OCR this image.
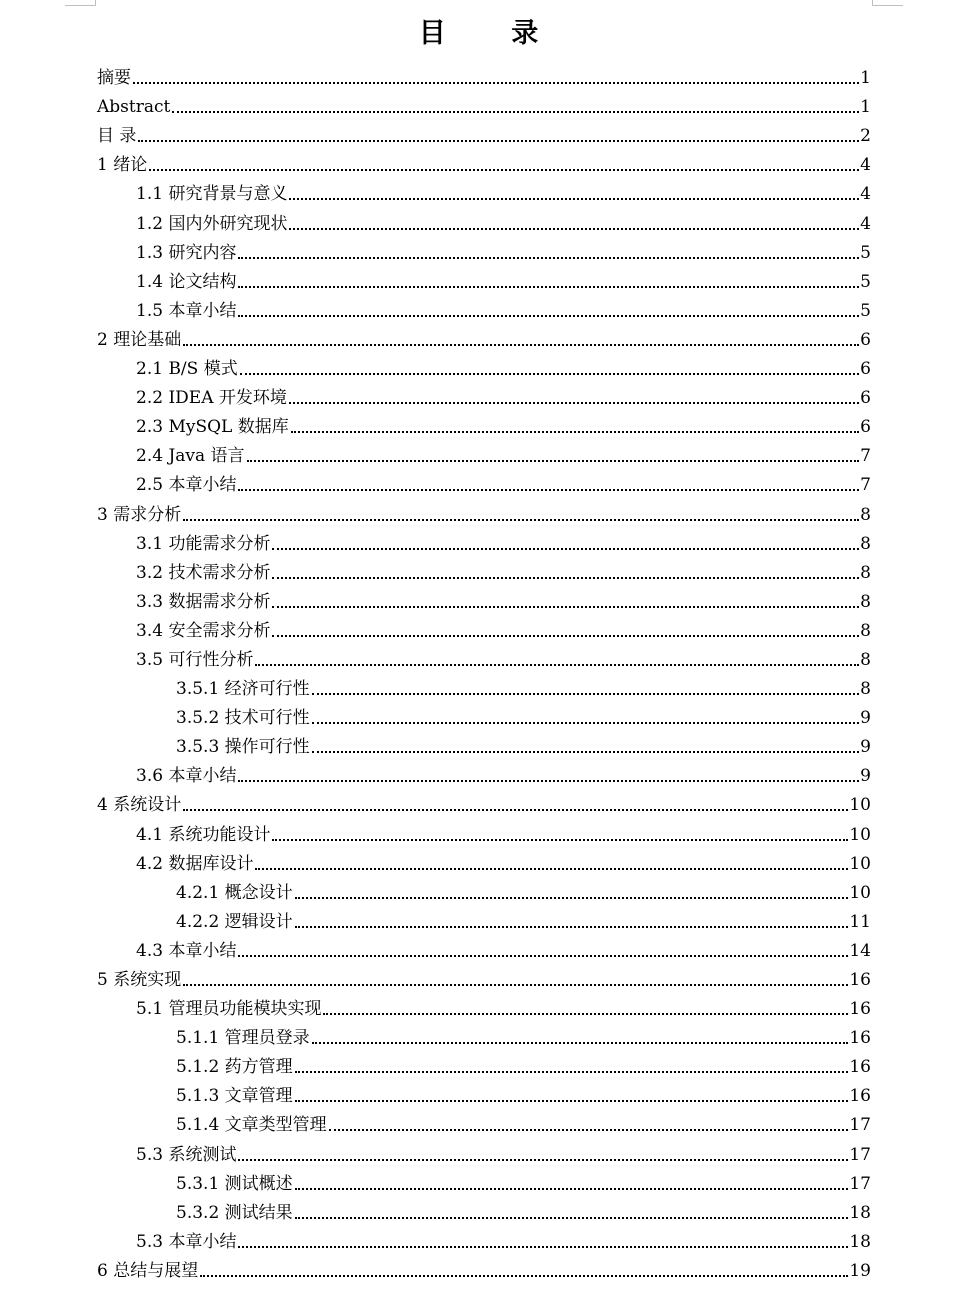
目 录
摘要	1
Abstract	1
目 录	2
1 绪论	4
1.1 研究背景与意义	4
1.2 国内外研究现状	4
1.3 研究内容	5
1.4 论文结构	5
1.5 本章小结	5
2 理论基础	6
2.1 B/S 模式	6
2.2 IDEA 开发环境	6
2.3 MySQL 数据库	6
2.4 Java 语言	7
2.5 本章小结	7
3 需求分析	8
3.1 功能需求分析	8
3.2 技术需求分析	8
3.3 数据需求分析	8
3.4 安全需求分析	8
3.5 可行性分析	8
3.5.1 经济可行性	8
3.5.2 技术可行性	9
3.5.3 操作可行性	9
3.6 本章小结	9
4 系统设计	10
4.1 系统功能设计	10
4.2 数据库设计	10
4.2.1 概念设计	10
4.2.2 逻辑设计	11
4.3 本章小结	14
5 系统实现	16
5.1 管理员功能模块实现	16
5.1.1 管理员登录	16
5.1.2 药方管理	16
5.1.3 文章管理	16
5.1.4 文章类型管理	17
5.3 系统测试	17
5.3.1 测试概述	17
5.3.2 测试结果	18
5.3 本章小结	18
6 总结与展望	19
